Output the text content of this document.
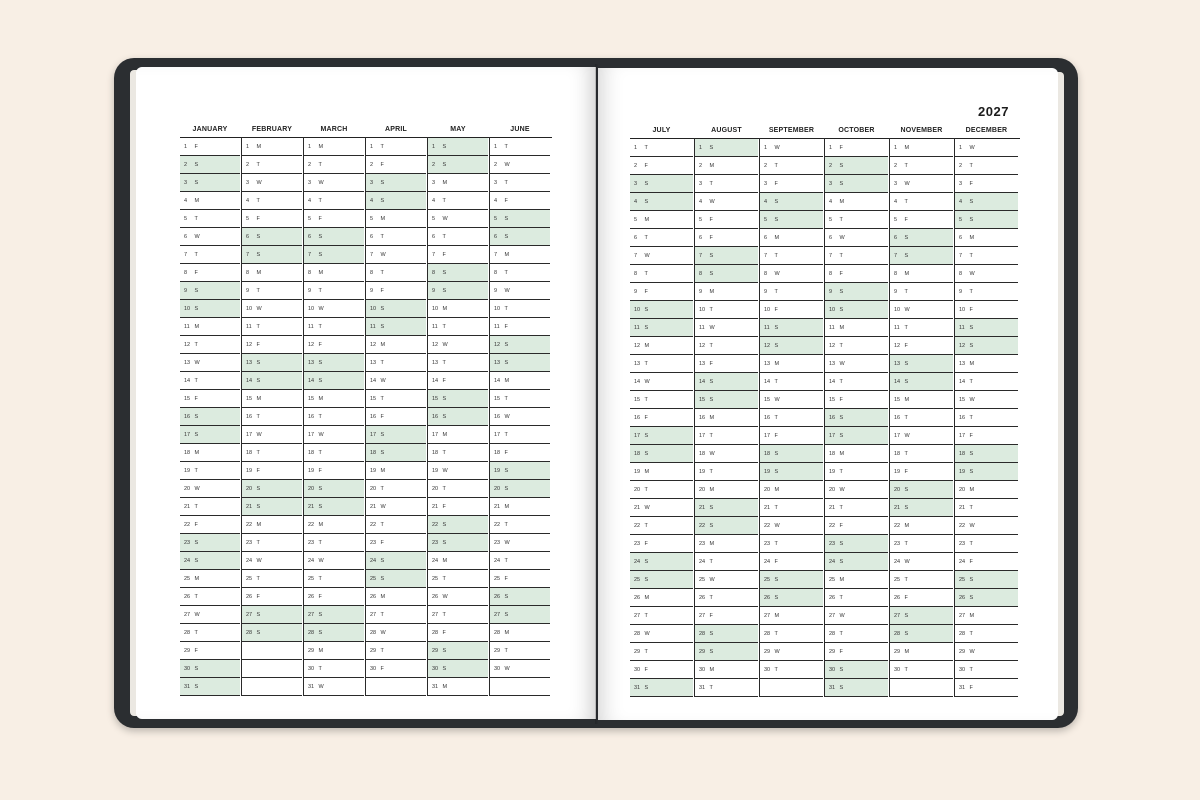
JANUARY
1 F
2 S
3 S
4 M
5 T
6 W
7 T
8 F
9 S
10 S
11 M
12 T
13 W
14 T
15 F
16 S
17 S
18 M
19 T
20 W
21 T
22 F
23 S
24 S
25 M
26 T
27 W
28 T
29 F
30 S
31 S
FEBRUARY
1 M
2 T
3 W
4 T
5 F
6 S
7 S
8 M
9 T
10 W
11 T
12 F
13 S
14 S
15 M
16 T
17 W
18 T
19 F
20 S
21 S
22 M
23 T
24 W
25 T
26 F
27 S
28 S
MARCH
1 M
2 T
3 W
4 T
5 F
6 S
7 S
8 M
9 T
10 W
11 T
12 F
13 S
14 S
15 M
16 T
17 W
18 T
19 F
20 S
21 S
22 M
23 T
24 W
25 T
26 F
27 S
28 S
29 M
30 T
31 W
APRIL
1 T
2 F
3 S
4 S
5 M
6 T
7 W
8 T
9 F
10 S
11 S
12 M
13 T
14 W
15 T
16 F
17 S
18 S
19 M
20 T
21 W
22 T
23 F
24 S
25 S
26 M
27 T
28 W
29 T
30 F
MAY
1 S
2 S
3 M
4 T
5 W
6 T
7 F
8 S
9 S
10 M
11 T
12 W
13 T
14 F
15 S
16 S
17 M
18 T
19 W
20 T
21 F
22 S
23 S
24 M
25 T
26 W
27 T
28 F
29 S
30 S
31 M
JUNE
1 T
2 W
3 T
4 F
5 S
6 S
7 M
8 T
9 W
10 T
11 F
12 S
13 S
14 M
15 T
16 W
17 T
18 F
19 S
20 S
21 M
22 T
23 W
24 T
25 F
26 S
27 S
28 M
29 T
30 W
2027
JULY
1 T
2 F
3 S
4 S
5 M
6 T
7 W
8 T
9 F
10 S
11 S
12 M
13 T
14 W
15 T
16 F
17 S
18 S
19 M
20 T
21 W
22 T
23 F
24 S
25 S
26 M
27 T
28 W
29 T
30 F
31 S
AUGUST
1 S
2 M
3 T
4 W
5 F
6 F
7 S
8 S
9 M
10 T
11 W
12 T
13 F
14 S
15 S
16 M
17 T
18 W
19 T
20 M
21 S
22 S
23 M
24 T
25 W
26 T
27 F
28 S
29 S
30 M
31 T
SEPTEMBER
1 W
2 T
3 F
4 S
5 S
6 M
7 T
8 W
9 T
10 F
11 S
12 S
13 M
14 T
15 W
16 T
17 F
18 S
19 S
20 M
21 T
22 W
23 T
24 F
25 S
26 S
27 M
28 T
29 W
30 T
OCTOBER
1 F
2 S
3 S
4 M
5 T
6 W
7 T
8 F
9 S
10 S
11 M
12 T
13 W
14 T
15 F
16 S
17 S
18 M
19 T
20 W
21 T
22 F
23 S
24 S
25 M
26 T
27 W
28 T
29 F
30 S
31 S
NOVEMBER
1 M
2 T
3 W
4 T
5 F
6 S
7 S
8 M
9 T
10 W
11 T
12 F
13 S
14 S
15 M
16 T
17 W
18 T
19 F
20 S
21 S
22 M
23 T
24 W
25 T
26 F
27 S
28 S
29 M
30 T
DECEMBER
1 W
2 T
3 F
4 S
5 S
6 M
7 T
8 W
9 T
10 F
11 S
12 S
13 M
14 T
15 W
16 T
17 F
18 S
19 S
20 M
21 T
22 W
23 T
24 F
25 S
26 S
27 M
28 T
29 W
30 T
31 F
